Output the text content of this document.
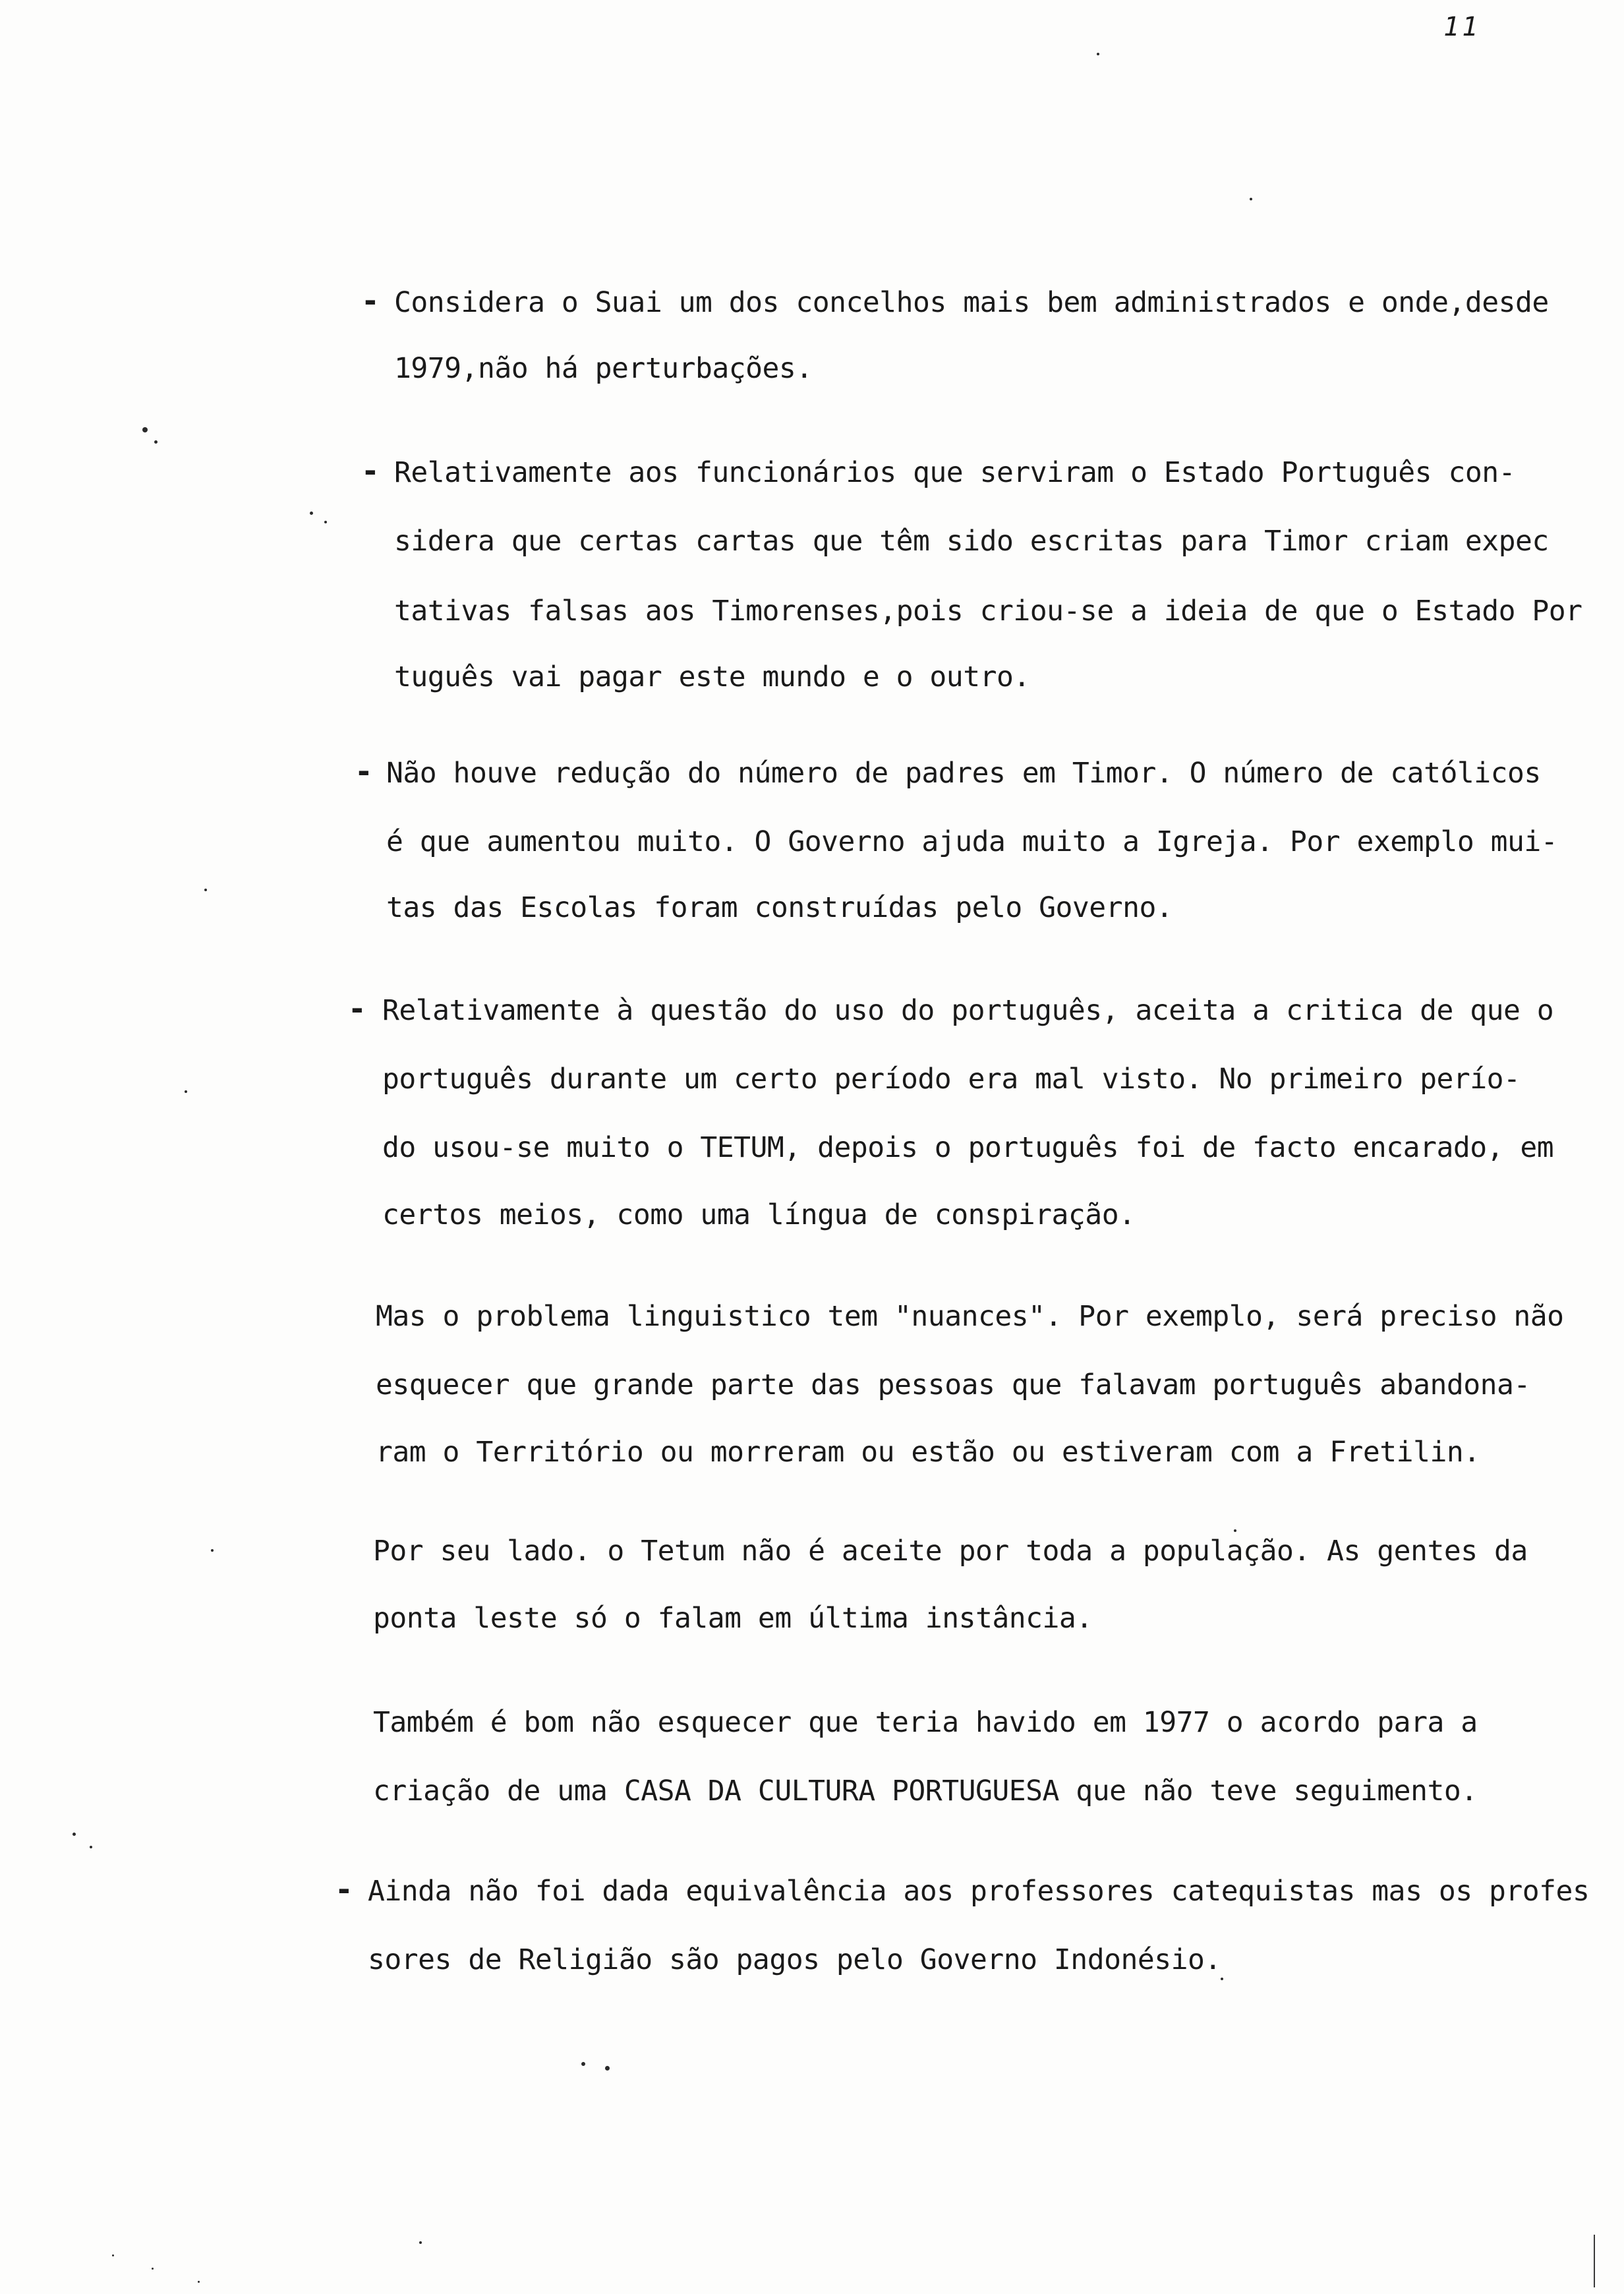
11
- Considera o Suai um dos concelhos mais bem administrados e onde,desde
1979,não há perturbações.
- Relativamente aos funcionários que serviram o Estado Português con-
sidera que certas cartas que têm sido escritas para Timor criam expec
tativas falsas aos Timorenses,pois criou-se a ideia de que o Estado Por
tuguês vai pagar este mundo e o outro.
- Não houve redução do número de padres em Timor. O número de católicos
é que aumentou muito. O Governo ajuda muito a Igreja. Por exemplo mui-
tas das Escolas foram construídas pelo Governo.
- Relativamente à questão do uso do português, aceita a critica de que o
português durante um certo período era mal visto. No primeiro perío-
do usou-se muito o TETUM, depois o português foi de facto encarado, em
certos meios, como uma língua de conspiração.
Mas o problema linguistico tem "nuances". Por exemplo, será preciso não
esquecer que grande parte das pessoas que falavam português abandona-
ram o Território ou morreram ou estão ou estiveram com a Fretilin.
Por seu lado. o Tetum não é aceite por toda a população. As gentes da
ponta leste só o falam em última instância.
Também é bom não esquecer que teria havido em 1977 o acordo para a
criação de uma CASA DA CULTURA PORTUGUESA que não teve seguimento.
- Ainda não foi dada equivalência aos professores catequistas mas os profes
sores de Religião são pagos pelo Governo Indonésio.
